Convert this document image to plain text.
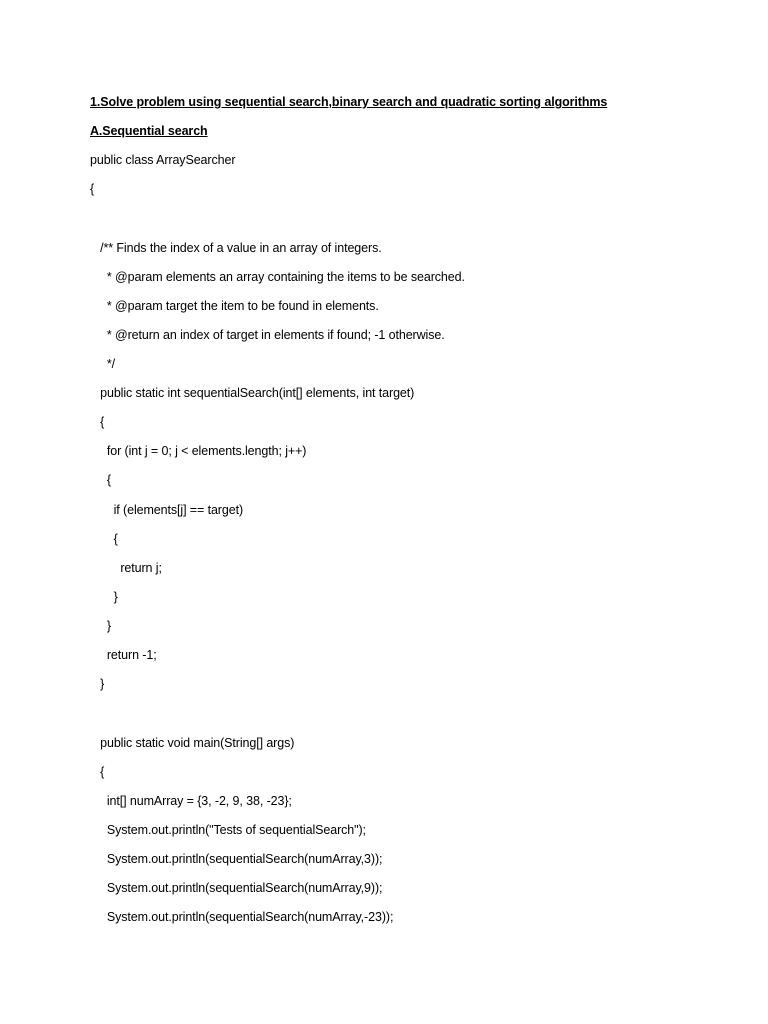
1.Solve problem using sequential search,binary search and quadratic sorting algorithms
A.Sequential search
public class ArraySearcher
{
/** Finds the index of a value in an array of integers.
* @param elements an array containing the items to be searched.
* @param target the item to be found in elements.
* @return an index of target in elements if found; -1 otherwise.
*/
public static int sequentialSearch(int[] elements, int target)
{
for (int j = 0; j < elements.length; j++)
{
if (elements[j] == target)
{
return j;
}
}
return -1;
}
public static void main(String[] args)
{
int[] numArray = {3, -2, 9, 38, -23};
System.out.println("Tests of sequentialSearch");
System.out.println(sequentialSearch(numArray,3));
System.out.println(sequentialSearch(numArray,9));
System.out.println(sequentialSearch(numArray,-23));
